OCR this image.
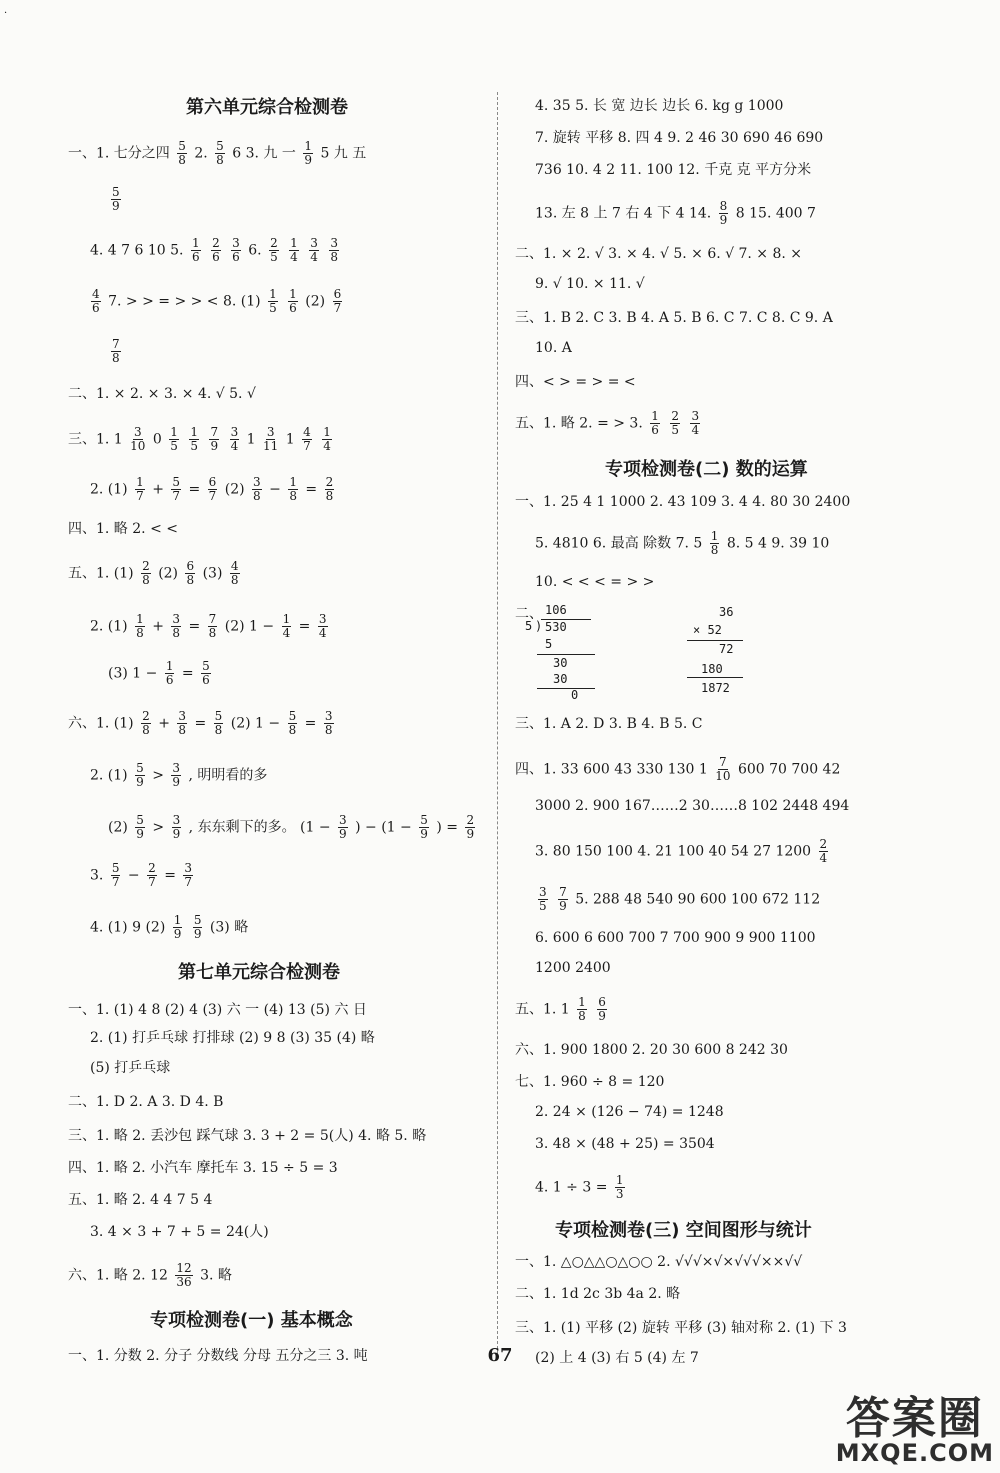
·
第六单元综合检测卷
一、1. 七分之四 $\frac{5}{8} 2$. $\frac{5}{8} 6$ 3. 九 一 $\frac{1}{9} 5$ 九 五
$\frac{5}{9}$
4. 4 7 6 10 5. $\frac{1}{6}$
$\frac{2}{6}$
$\frac{3}{6} 6$. $\frac{2}{5}$
$\frac{1}{4}$
$\frac{3}{4}$
$\frac{3}{8}$
$\frac{4}{6} 7$. > > = > > < 8. $(1) \frac{1}{5}$
$\frac{1}{6} (2) \frac{6}{7}$
$\frac{7}{8}$
二、1. × 2. × 3. × 4. √ 5. √
三、1. $1 \frac{3}{10} 0 \frac{1}{5}$
$\frac{1}{5}$
$\frac{7}{9}$
$\frac{3}{4} 1 \frac{3}{11} 1 \frac{4}{7}$
$\frac{1}{4}$
2. $(1) \frac{1}{7} + \frac{5}{7} = \frac{6}{7} (2) \frac{3}{8} - \frac{1}{8} = \frac{2}{8}$
四、1. 略 2. < <
五、1. $(1) \frac{2}{8} (2) \frac{6}{8} (3) \frac{4}{8}$
2. $(1) \frac{1}{8} + \frac{3}{8} = \frac{7}{8} (2) 1 - \frac{1}{4} = \frac{3}{4}$
(3) $1 - \frac{1}{6} = \frac{5}{6}$
六、1. $(1) \frac{2}{8} + \frac{3}{8} = \frac{5}{8} (2) 1 - \frac{5}{8} = \frac{3}{8}$
2. $(1) \frac{5}{9} > \frac{3}{9}$ , 明明看的多
$(2) \frac{5}{9} > \frac{3}{9}$ , 东东剩下的多。 ($1 - \frac{3}{9}$ ) − ($1 - \frac{5}{9}$ ) = $\frac{2}{9}$
3. $\frac{5}{7} - \frac{2}{7} = \frac{3}{7}$
4. (1) 9 $(2) \frac{1}{9}$
$\frac{5}{9} (3)$ 略
第七单元综合检测卷
一、1. (1) 4 8 (2) 4 (3) 六 一 (4) 13 (5) 六 日
2. (1) 打乒乓球 打排球 (2) 9 8 (3) 35 (4) 略
(5) 打乒乓球
二、1. D 2. A 3. D 4. B
三、1. 略 2. 丢沙包 踩气球 3. 3 + 2 = 5(人) 4. 略 5. 略
四、1. 略 2. 小汽车 摩托车 3. 15 ÷ 5 = 3
五、1. 略 2. 4 4 7 5 4
3. 4 × 3 + 7 + 5 = 24(人)
六、1. 略 2. $12 \frac{12}{36} 3$. 略
专项检测卷(一) 基本概念
一、1. 分数 2. 分子 分数线 分母 五分之三 3. 吨
4. 35 5. 长 宽 边长 边长 6. kg g 1000
7. 旋转 平移 8. 四 4 9. 2 46 30 690 46 690
736 10. 4 2 11. 100 12. 千克 克 平方分米
13. 左 8 上 7 右 4 下 4 14. $\frac{8}{9} 8$ 15. 400 7
二、1. × 2. √ 3. × 4. √ 5. × 6. √ 7. × 8. ×
9. √ 10. × 11. √
三、1. B 2. C 3. B 4. A 5. B 6. C 7. C 8. C 9. A
10. A
四、< > = > = <
五、1. 略 2. = > 3. $\frac{1}{6}$
$\frac{2}{5}$
$\frac{3}{4}$
专项检测卷(二) 数的运算
一、1. 25 4 1 1000 2. 43 109 3. 4 4. 80 30 2400
5. 4810 6. 最高 除数 7. $5 \frac{1}{8} 8$. 5 4 9. 39 10
10. < < < = > >
二、 106
5 ) 530
5
30
30
0
36
× 52
72
180
1872
三、1. A 2. D 3. B 4. B 5. C
四、1. 33 600 43 330 130 $1 \frac{7}{10} 600$ 70 700 42
3000 2. 900 167……2 30……8 102 2448 494
3. 80 150 100 4. 21 100 40 54 27 $1200 \frac{2}{4}$
$\frac{3}{5}$
$\frac{7}{9} 5$. 288 48 540 90 600 100 672 112
6. 600 6 600 700 7 700 900 9 900 1100
1200 2400
五、1. $1 \frac{1}{8}$
$\frac{6}{9}$
六、1. 900 1800 2. 20 30 600 8 242 30
七、1. 960 ÷ 8 = 120
2. 24 × (126 − 74) = 1248
3. 48 × (48 + 25) = 3504
4. $1 \div 3 = \frac{1}{3}$
专项检测卷(三) 空间图形与统计
一、1. △○△△○△○○ 2. √√√×√×√√√××√√
二、1. 1d 2c 3b 4a 2. 略
三、1. (1) 平移 (2) 旋转 平移 (3) 轴对称 2. (1) 下 3
(2) 上 4 (3) 右 5 (4) 左 7
67
答案圈
MXQE.COM
